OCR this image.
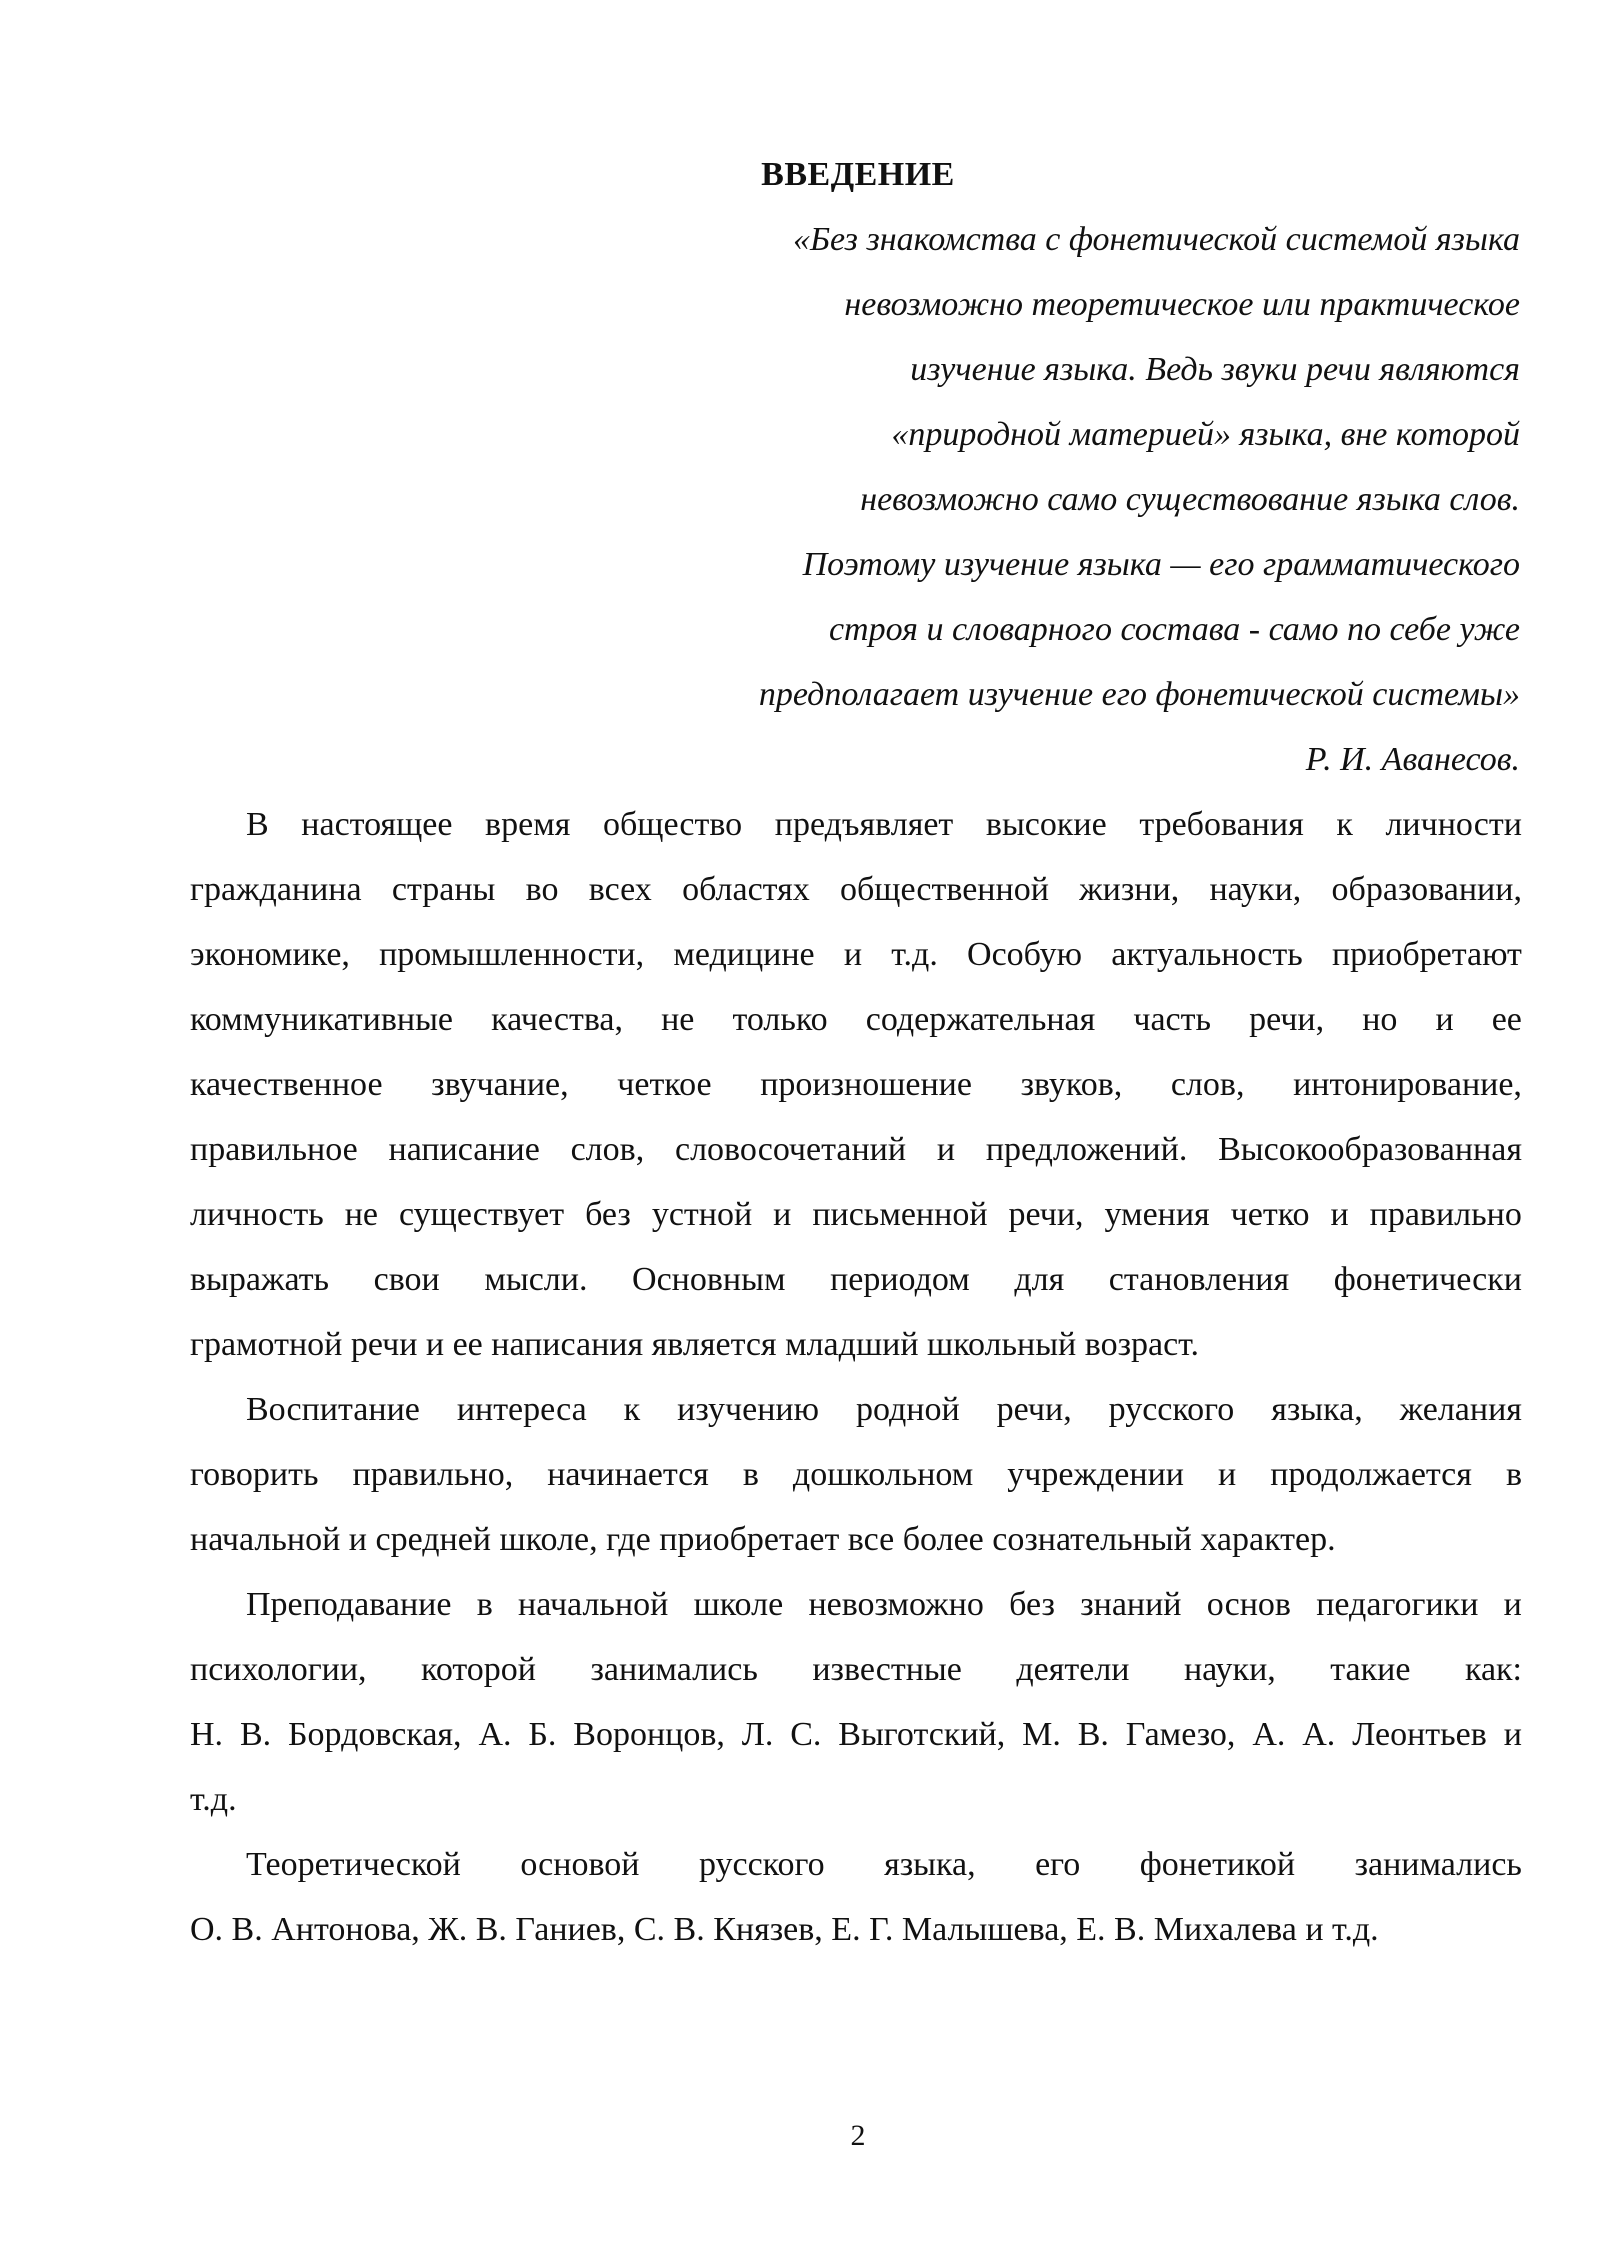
ВВЕДЕНИЕ
«Без знакомства с фонетической системой языка
невозможно теоретическое или практическое
изучение языка. Ведь звуки речи являются
«природной материей» языка, вне которой
невозможно само существование языка слов.
Поэтому изучение языка — его грамматического
строя и словарного состава - само по себе уже
предполагает изучение его фонетической системы»
Р. И. Аванесов.
В настоящее время общество предъявляет высокие требования к личности
гражданина страны во всех областях общественной жизни, науки, образовании,
экономике, промышленности, медицине и т.д. Особую актуальность приобретают
коммуникативные качества, не только содержательная часть речи, но и ее
качественное звучание, четкое произношение звуков, слов, интонирование,
правильное написание слов, словосочетаний и предложений. Высокообразованная
личность не существует без устной и письменной речи, умения четко и правильно
выражать свои мысли. Основным периодом для становления фонетически
грамотной речи и ее написания является младший школьный возраст.
Воспитание интереса к изучению родной речи, русского языка, желания
говорить правильно, начинается в дошкольном учреждении и продолжается в
начальной и средней школе, где приобретает все более сознательный характер.
Преподавание в начальной школе невозможно без знаний основ педагогики и
психологии, которой занимались известные деятели науки, такие как:
Н. В. Бордовская, А. Б. Воронцов, Л. С. Выготский, М. В. Гамезо, А. А. Леонтьев и
т.д.
Теоретической основой русского языка, его фонетикой занимались
О. В. Антонова, Ж. В. Ганиев, С. В. Князев, Е. Г. Малышева, Е. В. Михалева и т.д.
2
